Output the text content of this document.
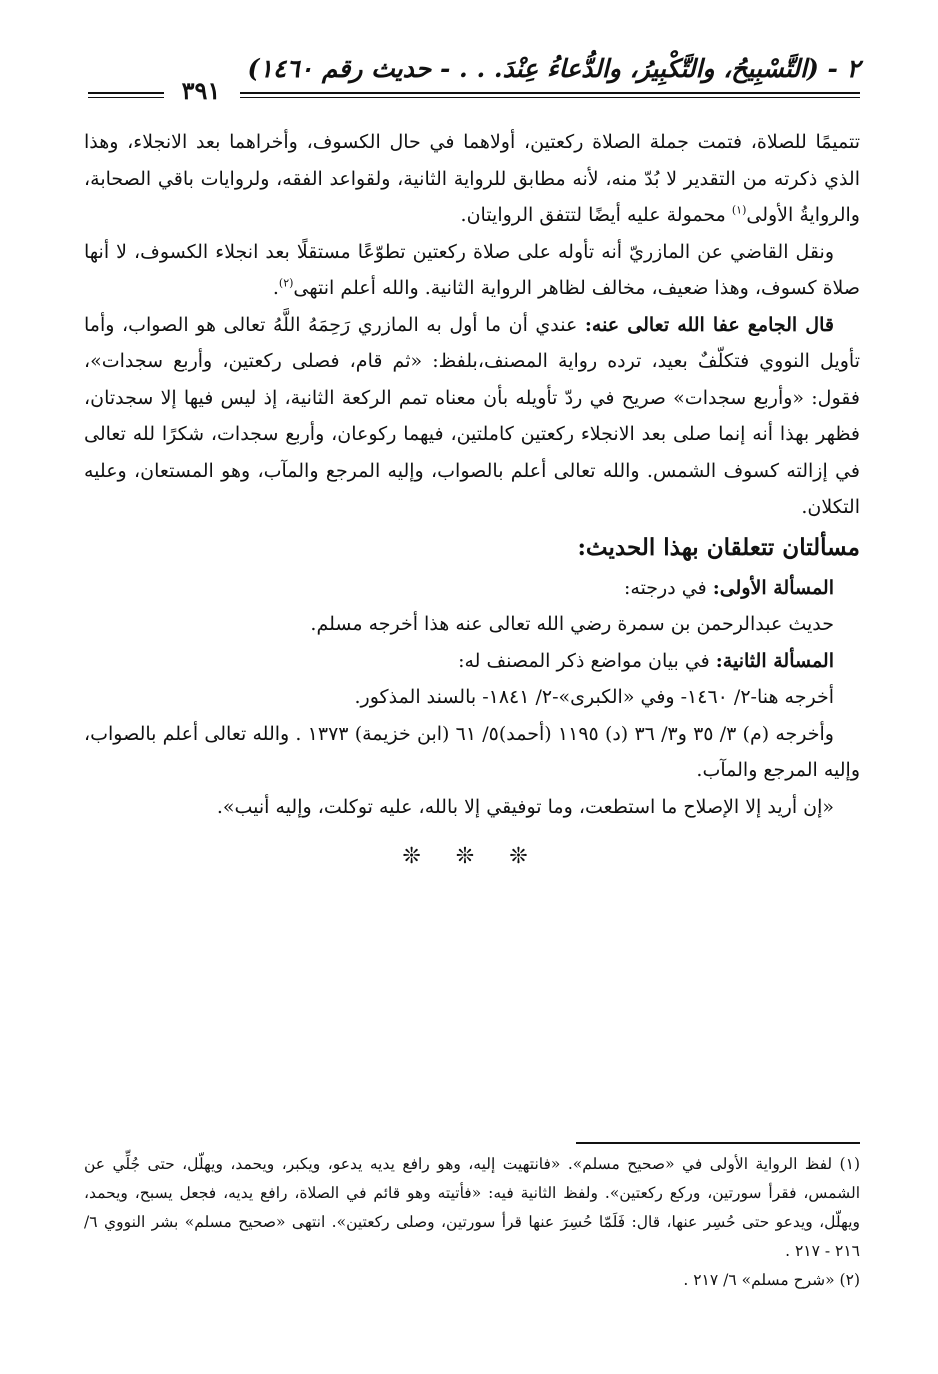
٢ - (التَّسْبِيحُ، والتَّكْبِيرُ، والدُّعاءُ عِنْدَ. . . - حديث رقم ١٤٦٠)
٣٩١

تتميمًا للصلاة، فتمت جملة الصلاة ركعتين، أولاهما في حال الكسوف، وأخراهما بعد الانجلاء، وهذا الذي ذكرته من التقدير لا بُدّ منه، لأنه مطابق للرواية الثانية، ولقواعد الفقه، ولروايات باقي الصحابة، والروايةُ الأولى$^{(١)}$ محمولة عليه أيضًا لتتفق الروايتان.

ونقل القاضي عن المازريّ أنه تأوله على صلاة ركعتين تطوّعًا مستقلًا بعد انجلاء الكسوف، لا أنها صلاة كسوف، وهذا ضعيف، مخالف لظاهر الرواية الثانية. والله أعلم انتهى$^{(٢)}$.

قال الجامع عفا الله تعالى عنه: عندي أن ما أول به المازري رَحِمَهُ اللَّهُ تعالى هو الصواب، وأما تأويل النووي فتكلّفٌ بعيد، ترده رواية المصنف،بلفظ: «ثم قام، فصلى ركعتين، وأربع سجدات»، فقول: «وأربع سجدات» صريح في ردّ تأويله بأن معناه تمم الركعة الثانية، إذ ليس فيها إلا سجدتان، فظهر بهذا أنه إنما صلى بعد الانجلاء ركعتين كاملتين، فيهما ركوعان، وأربع سجدات، شكرًا لله تعالى في إزالته كسوف الشمس. والله تعالى أعلم بالصواب، وإليه المرجع والمآب، وهو المستعان، وعليه التكلان.

مسألتان تتعلقان بهذا الحديث:

المسألة الأولى: في درجته:

حديث عبدالرحمن بن سمرة رضي الله تعالى عنه هذا أخرجه مسلم.

المسألة الثانية: في بيان مواضع ذكر المصنف له:

أخرجه هنا-٢/ ١٤٦٠- وفي «الكبرى»-٢/ ١٨٤١- بالسند المذكور.

وأخرجه (م) ٣/ ٣٥ و٣/ ٣٦ (د) ١١٩٥ (أحمد)٥/ ٦١ (ابن خزيمة) ١٣٧٣ . والله تعالى أعلم بالصواب، وإليه المرجع والمآب.

«إن أريد إلا الإصلاح ما استطعت، وما توفيقي إلا بالله، عليه توكلت، وإليه أنيب».

❊ ❊ ❊

(١) لفظ الرواية الأولى في «صحيح مسلم». «فانتهيت إليه، وهو رافع يديه يدعو، ويكبر، ويحمد، ويهلّل، حتى جُلِّي عن الشمس، فقرأ سورتين، وركع ركعتين». ولفظ الثانية فيه: «فأتيته وهو قائم في الصلاة، رافع يديه، فجعل يسبح، ويحمد، ويهلّل، ويدعو حتى حُسِر عنها، قال: فَلَمّا حُسِرَ عنها قرأ سورتين، وصلى ركعتين». انتهى «صحيح مسلم» بشر النووي ٦/ ٢١٦ - ٢١٧ .

(٢) «شرح مسلم» ٦/ ٢١٧ .
